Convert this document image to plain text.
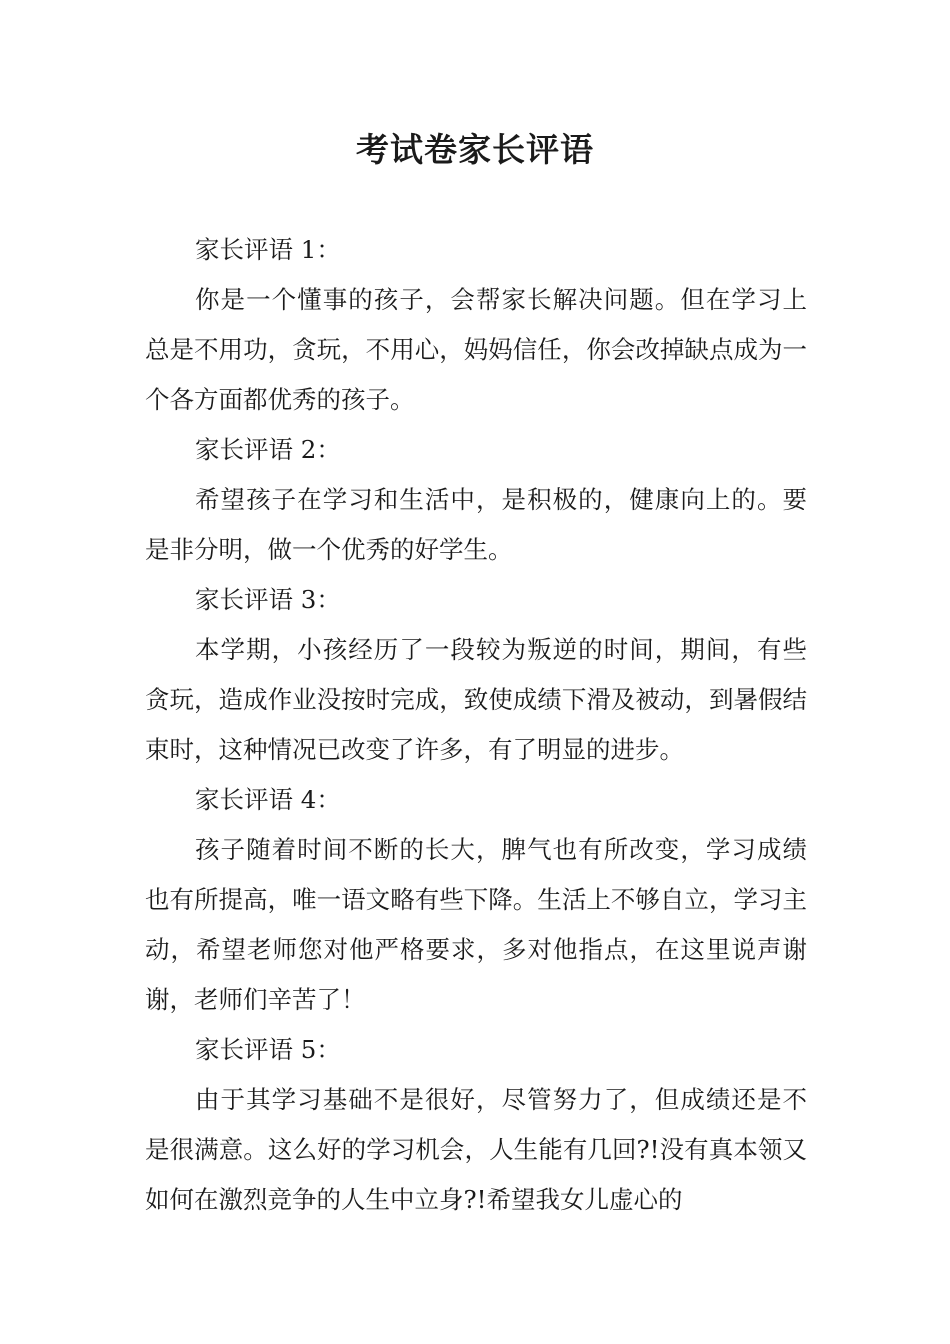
考试卷家长评语

家长评语 1：

你是一个懂事的孩子，会帮家长解决问题。但在学习上总是不用功，贪玩，不用心，妈妈信任，你会改掉缺点成为一个各方面都优秀的孩子。

家长评语 2：

希望孩子在学习和生活中，是积极的，健康向上的。要是非分明，做一个优秀的好学生。

家长评语 3：

本学期，小孩经历了一段较为叛逆的时间，期间，有些贪玩，造成作业没按时完成，致使成绩下滑及被动，到暑假结束时，这种情况已改变了许多，有了明显的进步。

家长评语 4：

孩子随着时间不断的长大，脾气也有所改变，学习成绩也有所提高，唯一语文略有些下降。生活上不够自立，学习主动，希望老师您对他严格要求，多对他指点，在这里说声谢谢，老师们辛苦了！

家长评语 5：

由于其学习基础不是很好，尽管努力了，但成绩还是不是很满意。这么好的学习机会，人生能有几回?!没有真本领又如何在激烈竞争的人生中立身?!希望我女儿虚心的
